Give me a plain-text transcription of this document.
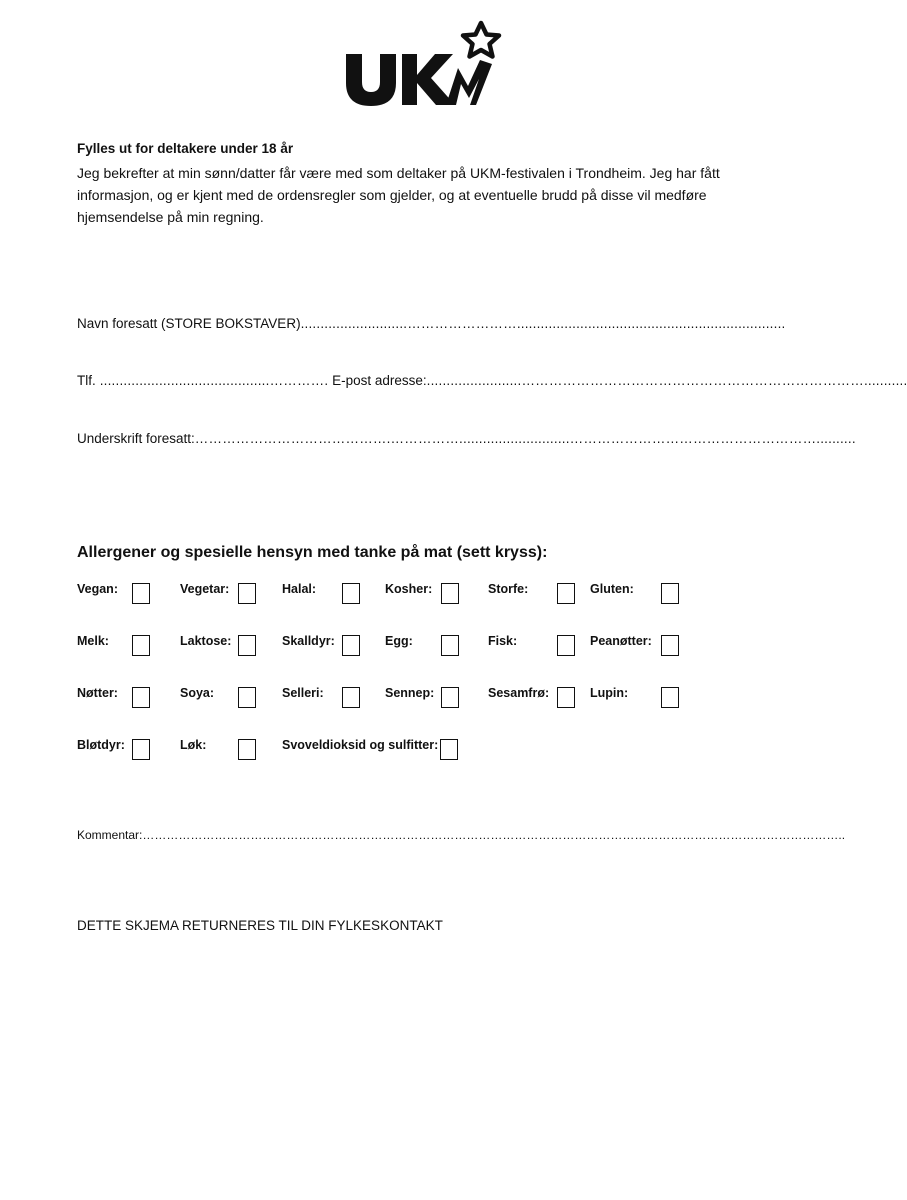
Fylles ut for deltakere under 18 år
Jeg bekrefter at min sønn/datter får være med som deltaker på UKM-festivalen i Trondheim. Jeg har fått
informasjon, og er kjent med de ordensregler som gjelder, og at eventuelle brudd på disse vil medføre
hjemsendelse på min regning.
Navn foresatt (STORE BOKSTAVER)...........................……………………....................................................................
Tlf. ...........................................…………. E-post adresse:........................…………………………………………………………………...........
Underskrift foresatt:…………………………………….……………............................………………………………………………..........
Allergener og spesielle hensyn med tanke på mat (sett kryss):
Vegan:	Vegetar:	Halal:	Kosher:	Storfe:	Gluten:
Melk:	Laktose:	Skalldyr:	Egg:	Fisk:	Peanøtter:
Nøtter:	Soya:	Selleri:	Sennep:	Sesamfrø:	Lupin:
Bløtdyr:	Løk:	Svoveldioksid og sulfitter:
Kommentar:…………………………………………………………………………………………………………………………………………………………..
DETTE SKJEMA RETURNERES TIL DIN FYLKESKONTAKT
